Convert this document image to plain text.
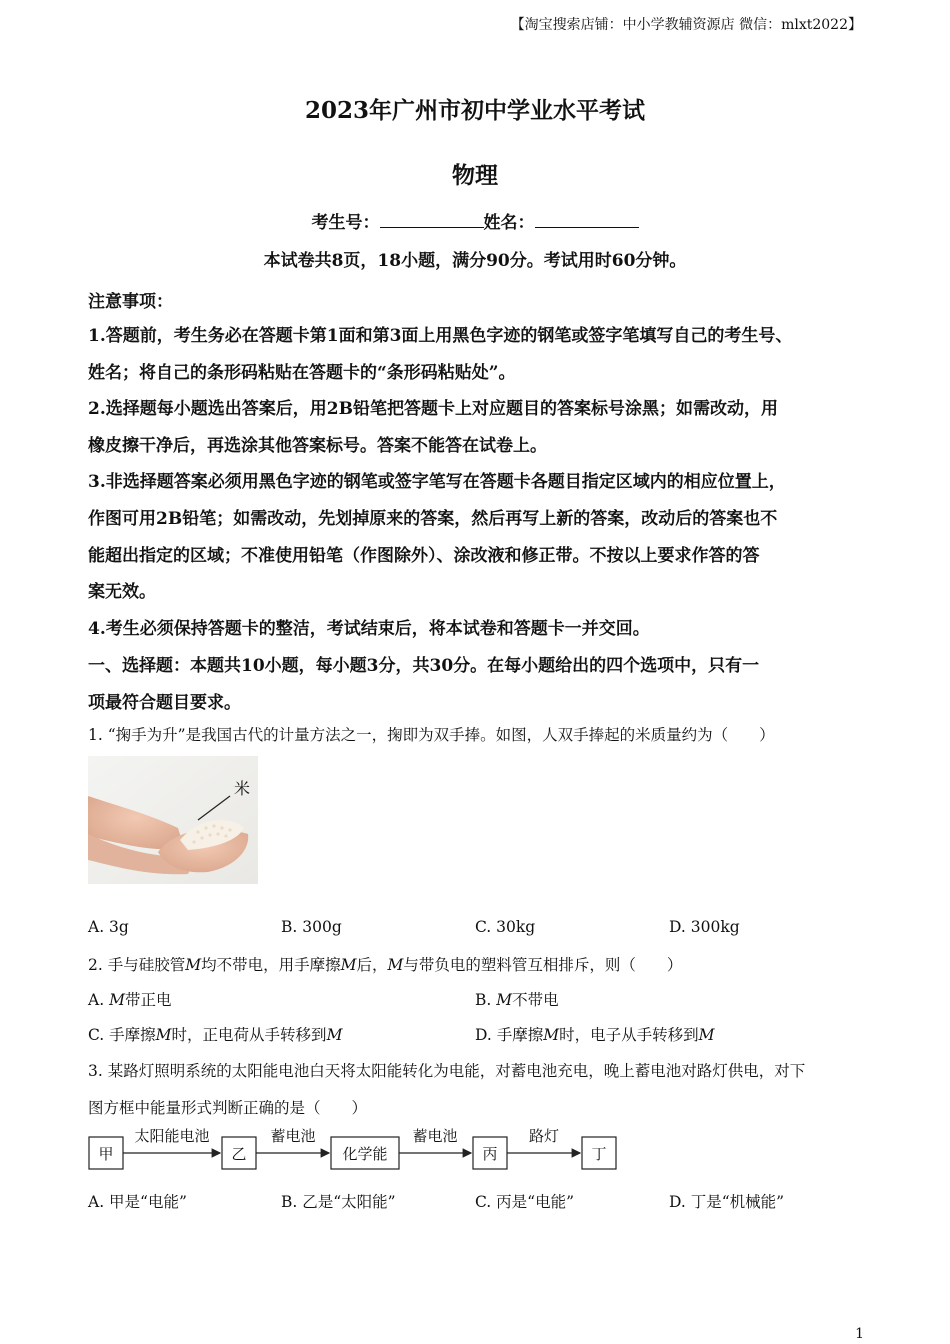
【淘宝搜索店铺：中小学教辅资源店 微信：mlxt2022】
2023年广州市初中学业水平考试
物理
考生号：	姓名：
本试卷共8页，18小题，满分90分。考试用时60分钟。
注意事项：
1.答题前，考生务必在答题卡第1面和第3面上用黑色字迹的钢笔或签字笔填写自己的考生号、
姓名；将自己的条形码粘贴在答题卡的“条形码粘贴处”。
2.选择题每小题选出答案后，用2B铅笔把答题卡上对应题目的答案标号涂黑；如需改动，用
橡皮擦干净后，再选涂其他答案标号。答案不能答在试卷上。
3.非选择题答案必须用黑色字迹的钢笔或签字笔写在答题卡各题目指定区域内的相应位置上，
作图可用2B铅笔；如需改动，先划掉原来的答案，然后再写上新的答案，改动后的答案也不
能超出指定的区域；不准使用铅笔（作图除外）、涂改液和修正带。不按以上要求作答的答
案无效。
4.考生必须保持答题卡的整洁，考试结束后，将本试卷和答题卡一并交回。
一、选择题：本题共10小题，每小题3分，共30分。在每小题给出的四个选项中，只有一
项最符合题目要求。
1. “掬手为升”是我国古代的计量方法之一，掬即为双手捧。如图，人双手捧起的米质量约为（　　）
米
A. 3g	B. 300g	C. 30kg	D. 300kg
2. 手与硅胶管M均不带电，用手摩擦M后，M与带负电的塑料管互相排斥，则（　　）
A. M带正电	B. M不带电
C. 手摩擦M时，正电荷从手转移到M	D. 手摩擦M时，电子从手转移到M
3. 某路灯照明系统的太阳能电池白天将太阳能转化为电能，对蓄电池充电，晚上蓄电池对路灯供电，对下
图方框中能量形式判断正确的是（　　）
甲	乙	化学能	丙	丁
太阳能电池	蓄电池	蓄电池	路灯
A. 甲是“电能”	B. 乙是“太阳能”	C. 丙是“电能”	D. 丁是“机械能”
1
